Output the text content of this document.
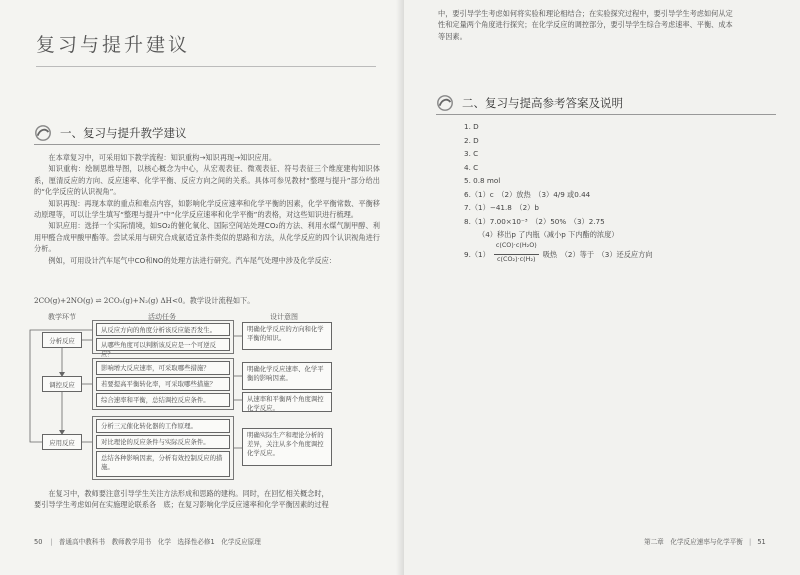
复习与提升建议
一、 复习与提升教学建议

在本章复习中，可采用如下教学流程：知识重构→知识再现→知识应用。

知识重构：绘制思维导图，以核心概念为中心，从宏观表征、微观表征、符号表征三个维度建构知识体系，厘清反应的方向、反应速率、化学平衡、反应方向之间的关系。具体可参见教材“整理与提升”部分给出的“化学反应的认识视角”。

知识再现：再现本章的重点和难点内容，如影响化学反应速率和化学平衡的因素，化学平衡常数、平衡移动原理等，可以让学生填写“整理与提升”中“化学反应速率和化学平衡”的表格，对这些知识进行梳理。

知识应用：选择一个实际情境，如SO₂的催化氧化、国际空间站处理CO₂的方法、利用水煤气制甲醇、利用甲醛合成甲酸甲酯等。尝试采用与研究合成氨适宜条件类似的思路和方法，从化学反应的四个认识视角进行分析。

例如，可用设计汽车尾气中CO和NO的处理方法进行研究。汽车尾气处理中涉及化学反应：

2CO(g)+2NO(g) ⇌ 2CO₂(g)+N₂(g) ΔH<0。教学设计流程如下。
教学环节	活动任务	设计意图
分析反应
调控反应
应用反应
从反应方向的角度分析该反应能否发生。
从哪些角度可以判断该反应是一个可逆反应？
影响增大反应速率，可采取哪些措施？
若要提高平衡转化率，可采取哪些措施？
综合速率和平衡，总结调控反应条件。
分析三元催化转化器的工作原理。
对比理论的反应条件与实际反应条件。
总结各种影响因素，分析有效控制反应的措施。
明确化学反应的方向和化学平衡的知识。
明确化学反应速率、化学平衡的影响因素。
从速率和平衡两个角度调控化学反应。
明确实际生产和理论分析的差异，关注从多个角度调控化学反应。
在复习中，教师要注意引导学生关注方法形成和思路的建构。同时，在回忆相关概念时，
要引导学生考虑如何在实施理论联系各　底；在复习影响化学反应速率和化学平衡因素的过程
50 | 普通高中教科书　教师教学用书　化学　选择性必修1　化学反应原理
中，要引导学生考虑如何将实验和理论相结合；在实验探究过程中，要引导学生考虑如何从定
性和定量两个角度进行探究；在化学反应的调控部分，要引导学生综合考虑速率、平衡、成本
等因素。
二、 复习与提高参考答案及说明
1. D
2. D
3. C
4. C
5. 0.8 mol
6.（1）c　（2）放热　（3）4/9 或0.44
7.（1）−41.8　（2）b
8.（1）7.00×10⁻³　（2）50%　（3）2.75
（4）移出p 了内瓶（减小p 下内酯的浓度）
$9.(1) \frac{\text{c(CO)·c(H₂O)}}{\text{c(CO₂)·c(H₂)}}$ 吸热　（2）等于　（3）还反应方向
第二章　化学反应速率与化学平衡 | 51
